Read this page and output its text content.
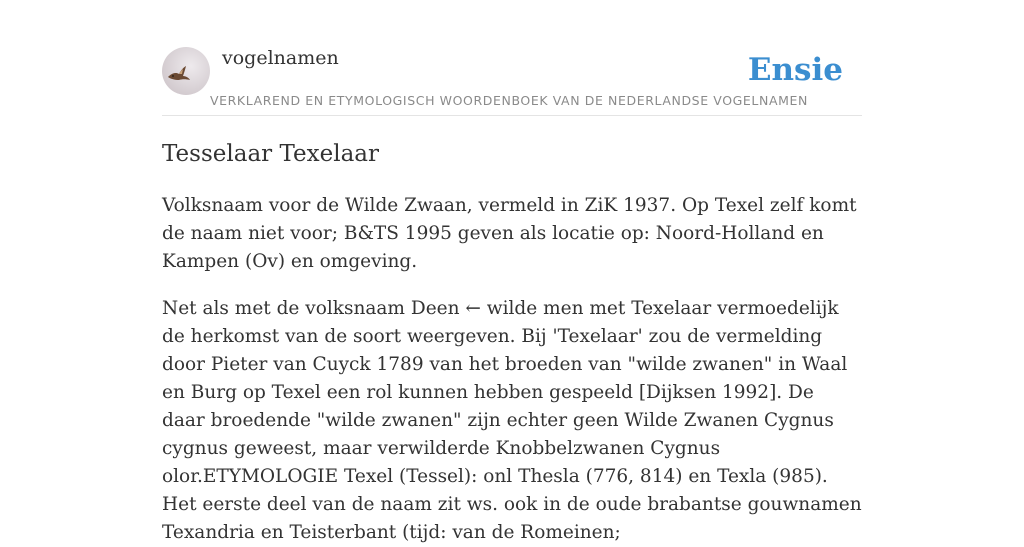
vogelnamen
VERKLAREND EN ETYMOLOGISCH WOORDENBOEK VAN DE NEDERLANDSE VOGELNAMEN
Ensie
Tesselaar Texelaar

Volksnaam voor de Wilde Zwaan, vermeld in ZiK 1937. Op Texel zelf komt de naam niet voor; B&TS 1995 geven als locatie op: Noord-Holland en Kampen (Ov) en omgeving.

Net als met de volksnaam Deen ← wilde men met Texelaar vermoedelijk de herkomst van de soort weergeven. Bij 'Texelaar' zou de vermelding door Pieter van Cuyck 1789 van het broeden van "wilde zwanen" in Waal en Burg op Texel een rol kunnen hebben gespeeld [Dijksen 1992]. De daar broedende "wilde zwanen" zijn echter geen Wilde Zwanen Cygnus cygnus geweest, maar verwilderde Knobbelzwanen Cygnus olor.ETYMOLOGIE Texel (Tessel): onl Thesla (776, 814) en Texla (985). Het eerste deel van de naam zit ws. ook in de oude brabantse gouwnamen Texandria en Teisterbant (tijd: van de Romeinen;
